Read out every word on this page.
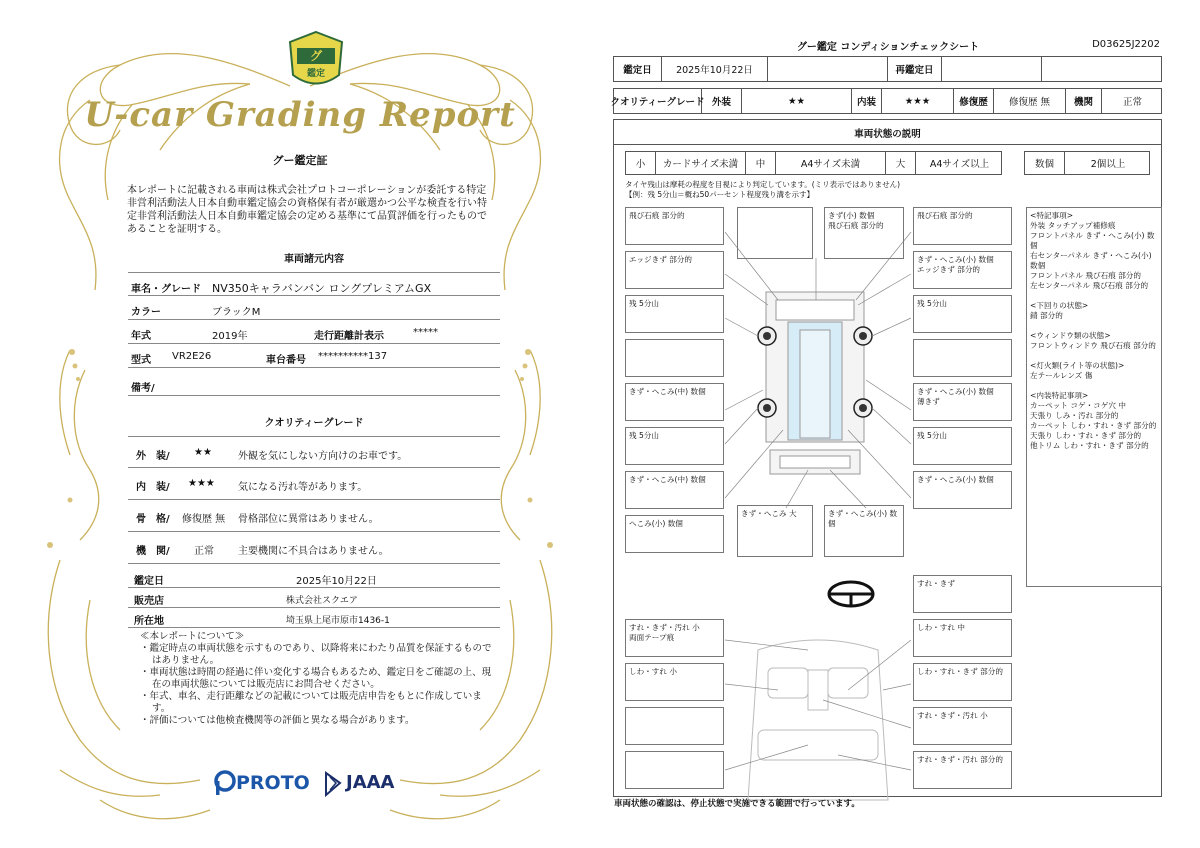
グ
鑑定
U-car Grading Report
グー鑑定証
本レポートに記載される車両は株式会社プロトコーポレーションが委託する特定非営利活動法人日本自動車鑑定協会の資格保有者が厳選かつ公平な検査を行い特定非営利活動法人日本自動車鑑定協会の定める基準にて品質評価を行ったものであることを証明する。
車両諸元内容
車名・グレード NV350キャラバンバン ロングプレミアムGX
カラー	ブラックM
年式	2019年	走行距離計表示	*****
型式 VR2E26	車台番号 **********137
備考/
クオリティーグレード
外　装/ ★★	外観を気にしない方向けのお車です。
内　装/ ★★★ 気になる汚れ等があります。
骨　格/ 修復歴 無 骨格部位に異常はありません。
機　関/ 正常 主要機関に不具合はありません。
鑑定日	2025年10月22日
販売店	株式会社スクエア
所在地	埼玉県上尾市原市1436-1
≪本レポートについて≫
・鑑定時点の車両状態を示すものであり、以降将来にわたり品質を保証するものではありません。
・車両状態は時間の経過に伴い変化する場合もあるため、鑑定日をご確認の上、現在の車両状態については販売店にお問合せください。
・年式、車名、走行距離などの記載については販売店申告をもとに作成しています。
・評価については他検査機関等の評価と異なる場合があります。
PROTO JAAA
グー鑑定 コンディションチェックシート	D03625J2202
鑑定日	2025年10月22日	再鑑定日
クオリティーグレード 外装	★★	内装	★★★	修復歴	修復歴 無	機関	正常
車両状態の説明
小	カードサイズ未満	中	A4サイズ未満	大	A4サイズ以上	数個	2個以上
タイヤ残山は摩耗の程度を目視により判定しています。(ミリ表示ではありません)
【例：残 5分山＝概ね50パーセント程度残り溝を示す】
飛び石痕 部分的	きず(小) 数個
飛び石痕 部分的
飛び石痕 部分的
エッジきず 部分的	きず・へこみ(小) 数個
エッジきず 部分的
残 5分山	残 5分山
きず・へこみ(中) 数個	きず・へこみ(小) 数個
薄きず
残 5分山	残 5分山
きず・へこみ(中) 数個	きず・へこみ(小) 数個
へこみ(小) 数個
きず・へこみ 大	きず・へこみ(小) 数個
すれ・きず
すれ・きず・汚れ 小
両面テープ痕
しわ・すれ 中
しわ・すれ 小	しわ・すれ・きず 部分的
すれ・きず・汚れ 小
すれ・きず・汚れ 部分的
<特記事項>
外装 タッチアップ補修痕
フロントパネル きず・へこみ(小) 数個
右センターパネル きず・へこみ(小) 数個
フロントパネル 飛び石痕 部分的
左センターパネル 飛び石痕 部分的
<下回りの状態>
錆 部分的
<ウィンドウ類の状態>
フロントウィンドウ 飛び石痕 部分的
<灯火類(ライト等の状態)>
左テールレンズ 傷
<内装特記事項>
カーペット コゲ・コゲ穴 中
天張り しみ・汚れ 部分的
カーペット しわ・すれ・きず 部分的
天張り しわ・すれ・きず 部分的
他トリム しわ・すれ・きず 部分的
車両状態の確認は、停止状態で実施できる範囲で行っています。
